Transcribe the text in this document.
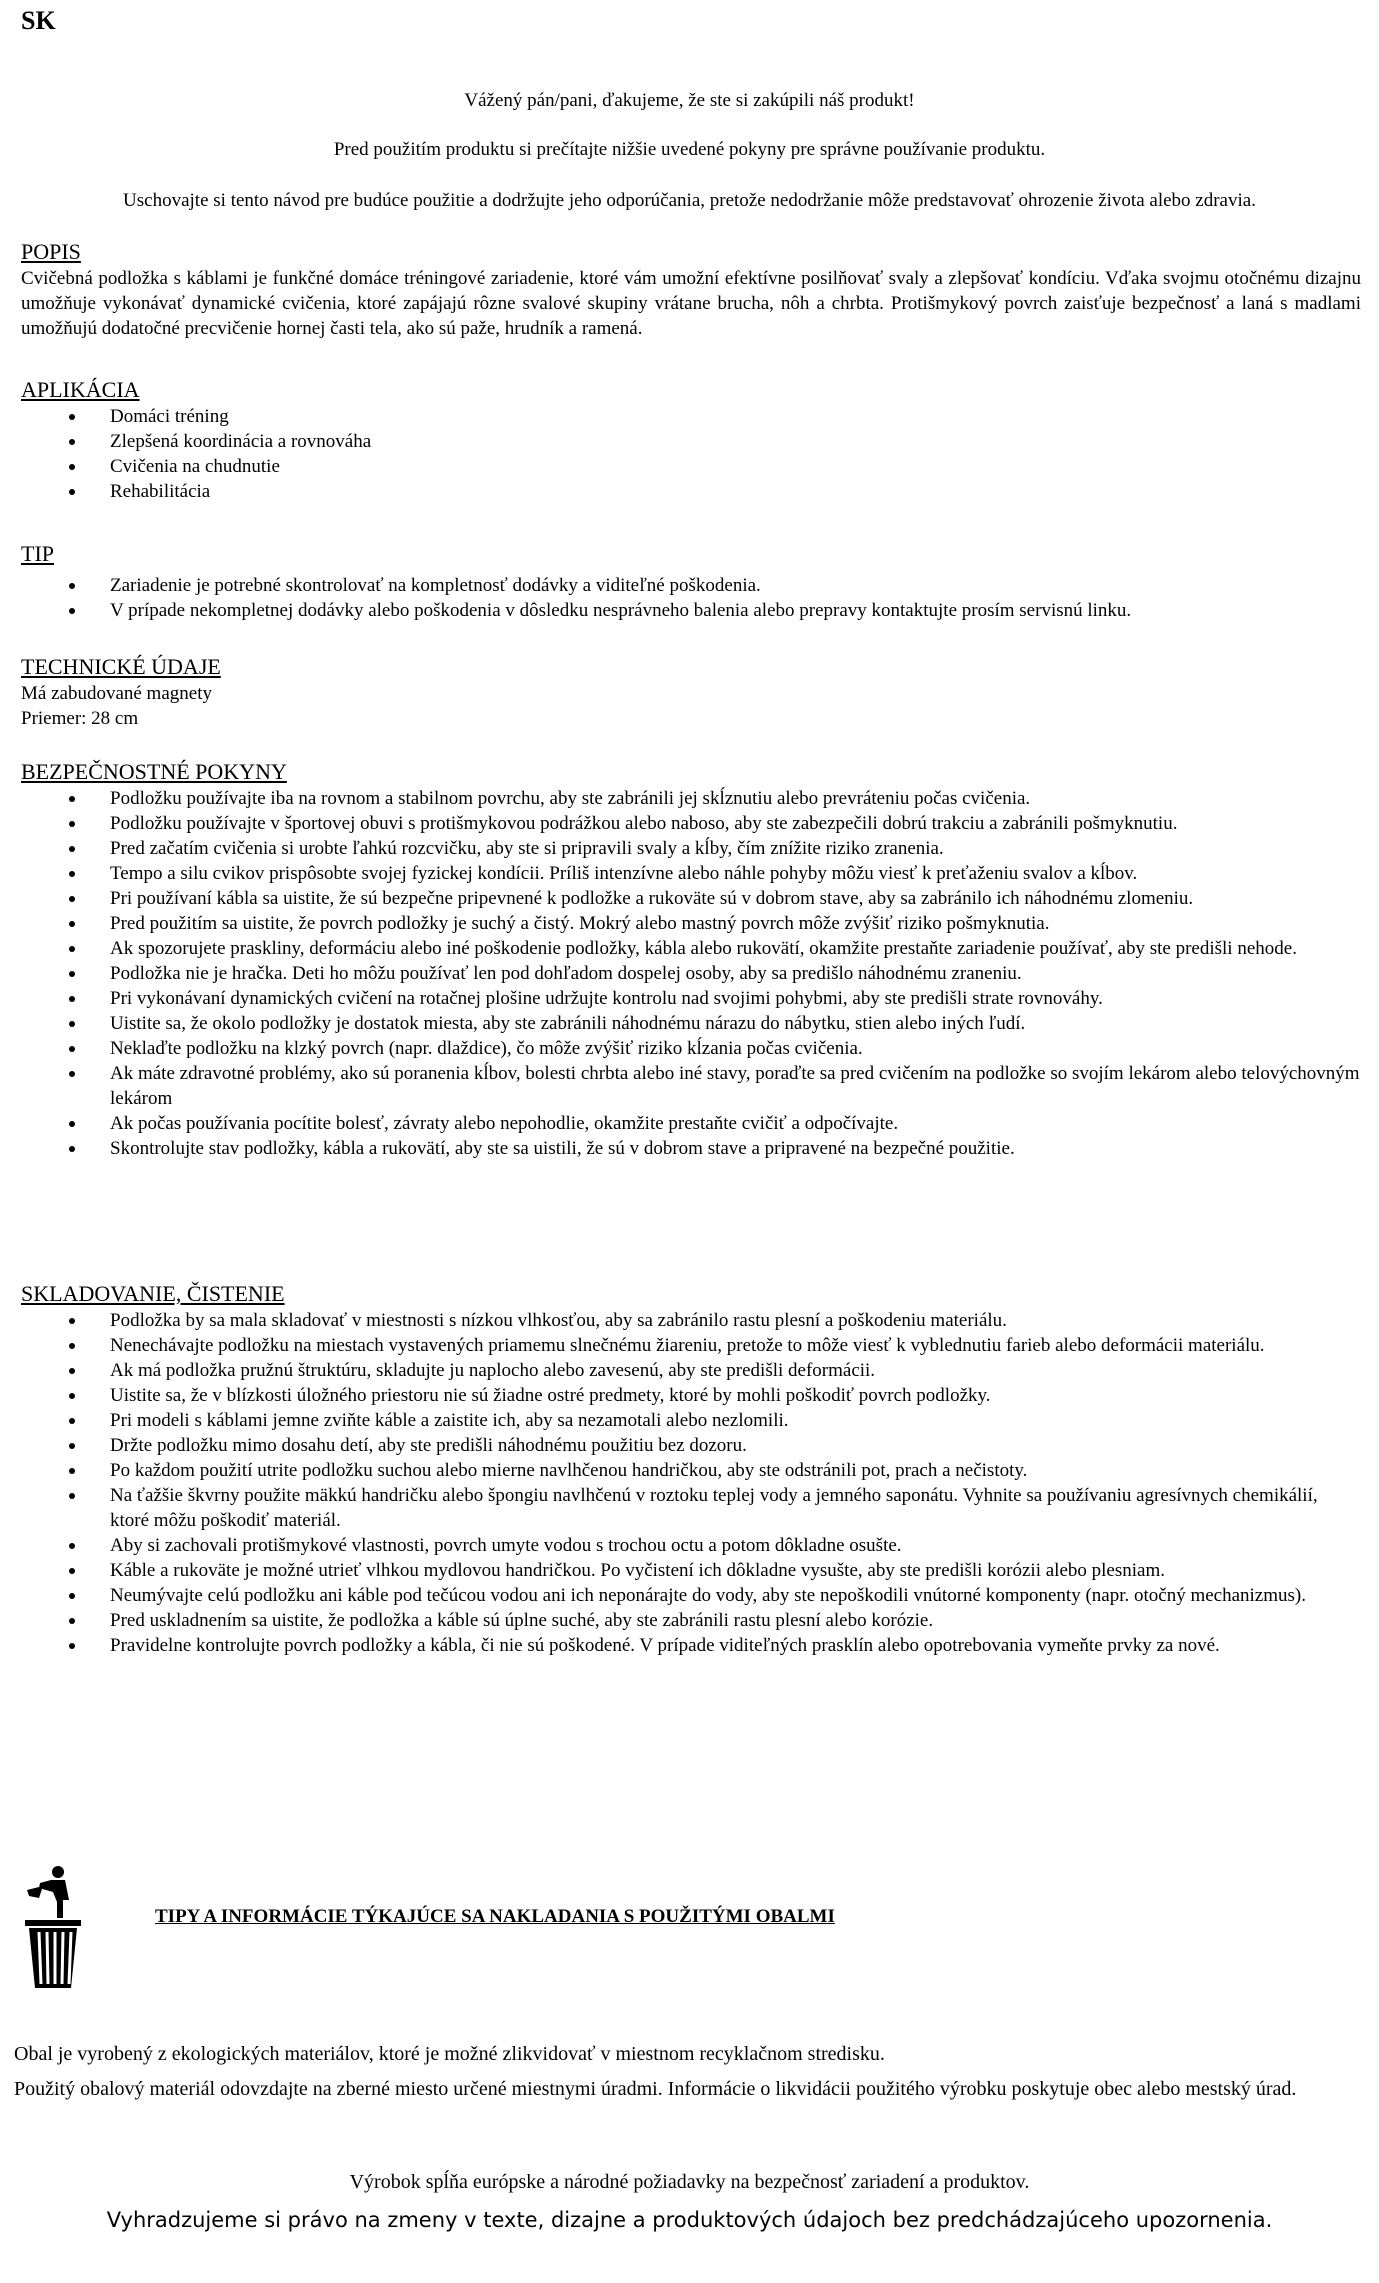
SK
Vážený pán/pani, ďakujeme, že ste si zakúpili náš produkt!
Pred použitím produktu si prečítajte nižšie uvedené pokyny pre správne používanie produktu.
Uschovajte si tento návod pre budúce použitie a dodržujte jeho odporúčania, pretože nedodržanie môže predstavovať ohrozenie života alebo zdravia.
POPIS

Cvičebná podložka s káblami je funkčné domáce tréningové zariadenie, ktoré vám umožní efektívne posilňovať svaly a zlepšovať kondíciu. Vďaka svojmu otočnému dizajnu umožňuje vykonávať dynamické cvičenia, ktoré zapájajú rôzne svalové skupiny vrátane brucha, nôh a chrbta. Protišmykový povrch zaisťuje bezpečnosť a laná s madlami umožňujú dodatočné precvičenie hornej časti tela, ako sú paže, hrudník a ramená.

APLIKÁCIA
Domáci tréning
Zlepšená koordinácia a rovnováha
Cvičenia na chudnutie
Rehabilitácia
TIP
Zariadenie je potrebné skontrolovať na kompletnosť dodávky a viditeľné poškodenia.
V prípade nekompletnej dodávky alebo poškodenia v dôsledku nesprávneho balenia alebo prepravy kontaktujte prosím servisnú linku.
TECHNICKÉ ÚDAJE

Má zabudované magnety

Priemer: 28 cm

BEZPEČNOSTNÉ POKYNY
Podložku používajte iba na rovnom a stabilnom povrchu, aby ste zabránili jej skĺznutiu alebo prevráteniu počas cvičenia.
Podložku používajte v športovej obuvi s protišmykovou podrážkou alebo naboso, aby ste zabezpečili dobrú trakciu a zabránili pošmyknutiu.
Pred začatím cvičenia si urobte ľahkú rozcvičku, aby ste si pripravili svaly a kĺby, čím znížite riziko zranenia.
Tempo a silu cvikov prispôsobte svojej fyzickej kondícii. Príliš intenzívne alebo náhle pohyby môžu viesť k preťaženiu svalov a kĺbov.
Pri používaní kábla sa uistite, že sú bezpečne pripevnené k podložke a rukoväte sú v dobrom stave, aby sa zabránilo ich náhodnému zlomeniu.
Pred použitím sa uistite, že povrch podložky je suchý a čistý. Mokrý alebo mastný povrch môže zvýšiť riziko pošmyknutia.
Ak spozorujete praskliny, deformáciu alebo iné poškodenie podložky, kábla alebo rukovätí, okamžite prestaňte zariadenie používať, aby ste predišli nehode.
Podložka nie je hračka. Deti ho môžu používať len pod dohľadom dospelej osoby, aby sa predišlo náhodnému zraneniu.
Pri vykonávaní dynamických cvičení na rotačnej plošine udržujte kontrolu nad svojimi pohybmi, aby ste predišli strate rovnováhy.
Uistite sa, že okolo podložky je dostatok miesta, aby ste zabránili náhodnému nárazu do nábytku, stien alebo iných ľudí.
Neklaďte podložku na klzký povrch (napr. dlaždice), čo môže zvýšiť riziko kĺzania počas cvičenia.
Ak máte zdravotné problémy, ako sú poranenia kĺbov, bolesti chrbta alebo iné stavy, poraďte sa pred cvičením na podložke so svojím lekárom alebo telovýchovným lekárom
Ak počas používania pocítite bolesť, závraty alebo nepohodlie, okamžite prestaňte cvičiť a odpočívajte.
Skontrolujte stav podložky, kábla a rukovätí, aby ste sa uistili, že sú v dobrom stave a pripravené na bezpečné použitie.
SKLADOVANIE, ČISTENIE
Podložka by sa mala skladovať v miestnosti s nízkou vlhkosťou, aby sa zabránilo rastu plesní a poškodeniu materiálu.
Nenechávajte podložku na miestach vystavených priamemu slnečnému žiareniu, pretože to môže viesť k vyblednutiu farieb alebo deformácii materiálu.
Ak má podložka pružnú štruktúru, skladujte ju naplocho alebo zavesenú, aby ste predišli deformácii.
Uistite sa, že v blízkosti úložného priestoru nie sú žiadne ostré predmety, ktoré by mohli poškodiť povrch podložky.
Pri modeli s káblami jemne zviňte káble a zaistite ich, aby sa nezamotali alebo nezlomili.
Držte podložku mimo dosahu detí, aby ste predišli náhodnému použitiu bez dozoru.
Po každom použití utrite podložku suchou alebo mierne navlhčenou handričkou, aby ste odstránili pot, prach a nečistoty.
Na ťažšie škvrny použite mäkkú handričku alebo špongiu navlhčenú v roztoku teplej vody a jemného saponátu. Vyhnite sa používaniu agresívnych chemikálií, ktoré môžu poškodiť materiál.
Aby si zachovali protišmykové vlastnosti, povrch umyte vodou s trochou octu a potom dôkladne osušte.
Káble a rukoväte je možné utrieť vlhkou mydlovou handričkou. Po vyčistení ich dôkladne vysušte, aby ste predišli korózii alebo plesniam.
Neumývajte celú podložku ani káble pod tečúcou vodou ani ich neponárajte do vody, aby ste nepoškodili vnútorné komponenty (napr. otočný mechanizmus).
Pred uskladnením sa uistite, že podložka a káble sú úplne suché, aby ste zabránili rastu plesní alebo korózie.
Pravidelne kontrolujte povrch podložky a kábla, či nie sú poškodené. V prípade viditeľných prasklín alebo opotrebovania vymeňte prvky za nové.
TIPY A INFORMÁCIE TÝKAJÚCE SA NAKLADANIA S POUŽITÝMI OBALMI
Obal je vyrobený z ekologických materiálov, ktoré je možné zlikvidovať v miestnom recyklačnom stredisku.
Použitý obalový materiál odovzdajte na zberné miesto určené miestnymi úradmi. Informácie o likvidácii použitého výrobku poskytuje obec alebo mestský úrad.
Výrobok spĺňa európske a národné požiadavky na bezpečnosť zariadení a produktov.
Vyhradzujeme si právo na zmeny v texte, dizajne a produktových údajoch bez predchádzajúceho upozornenia.
